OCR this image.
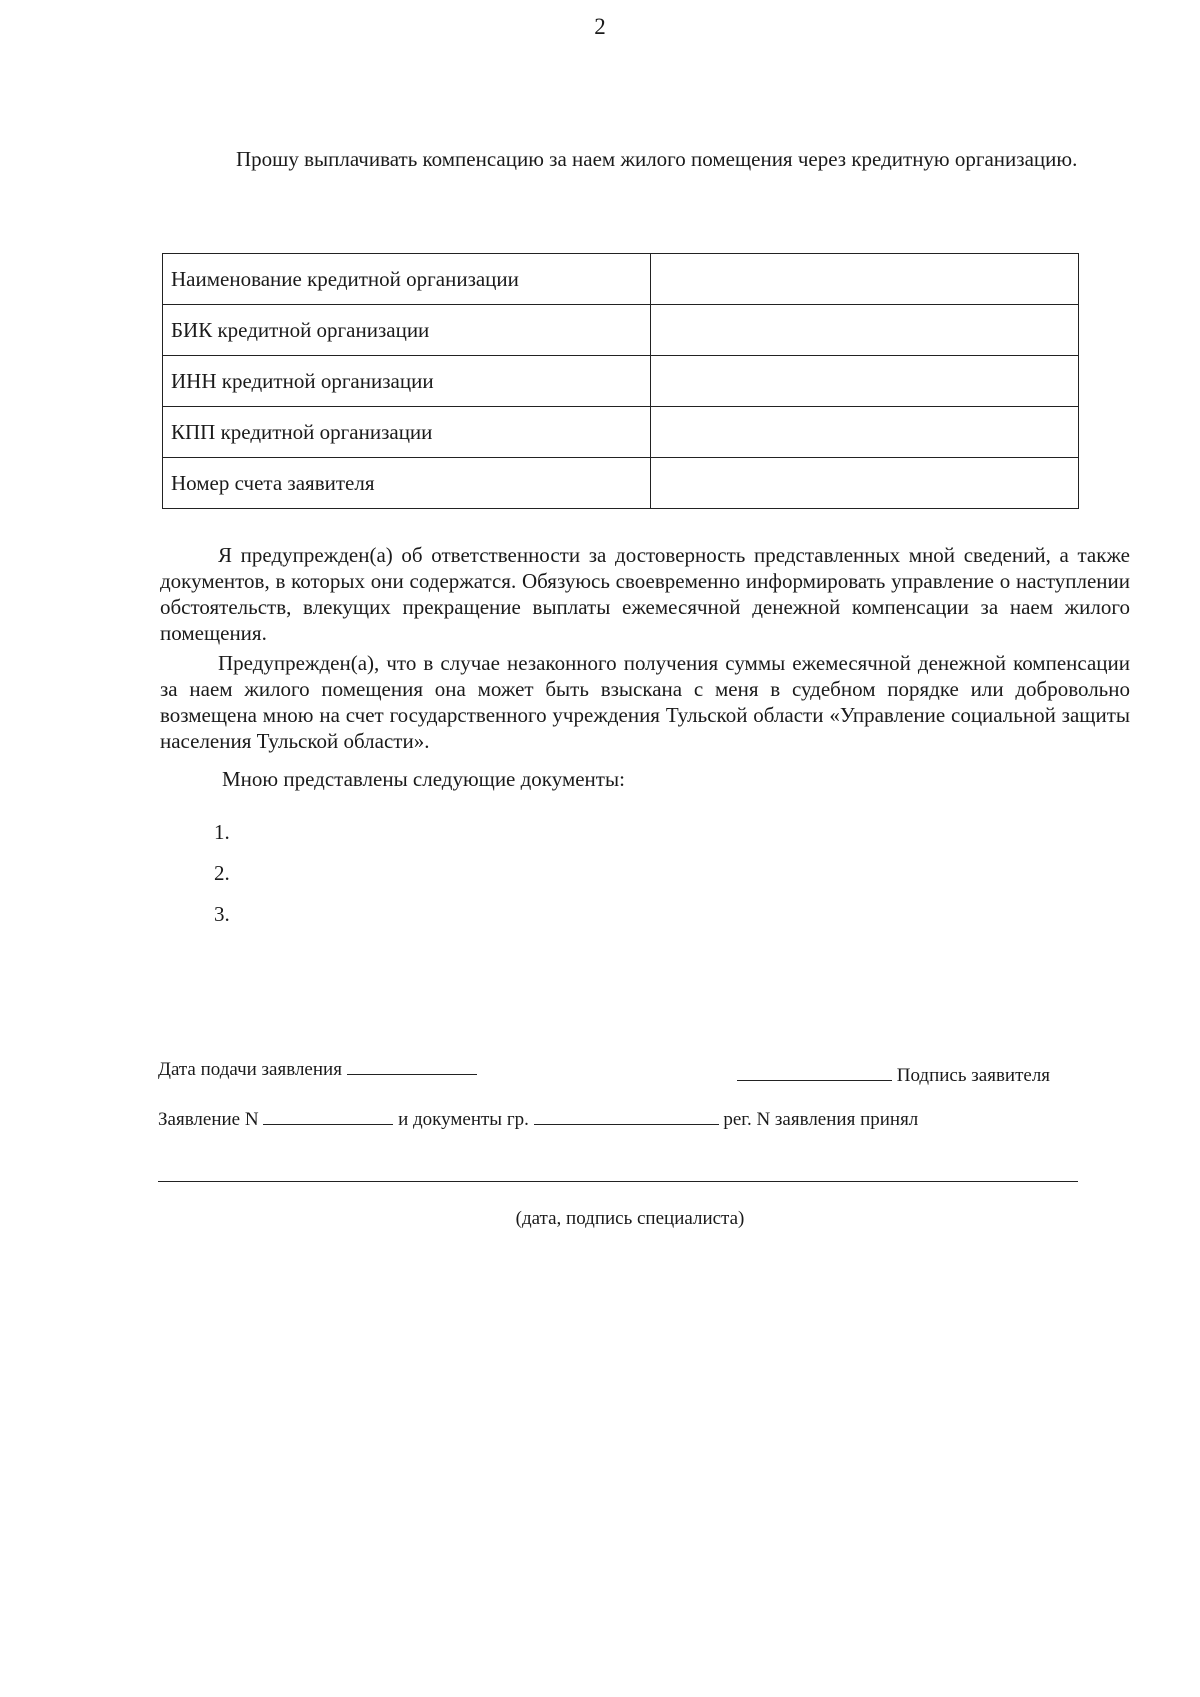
2

Прошу выплачивать компенсацию за наем жилого помещения через кредитную организацию.

Наименование кредитной организации	
БИК кредитной организации	
ИНН кредитной организации	
КПП кредитной организации	
Номер счета заявителя	

Я предупрежден(а) об ответственности за достоверность представленных мной сведений, а также документов, в которых они содержатся. Обязуюсь своевременно информировать управление о наступлении обстоятельств, влекущих прекращение выплаты ежемесячной денежной компенсации за наем жилого помещения.

Предупрежден(а), что в случае незаконного получения суммы ежемесячной денежной компенсации за наем жилого помещения она может быть взыскана с меня в судебном порядке или добровольно возмещена мною на счет государственного учреждения Тульской области «Управление социальной защиты населения Тульской области».

Мною представлены следующие документы:

1.
2.
3.
Дата подачи заявления	Подпись заявителя
Заявление N	и документы гр.	рег. N заявления принял
(дата, подпись специалиста)
